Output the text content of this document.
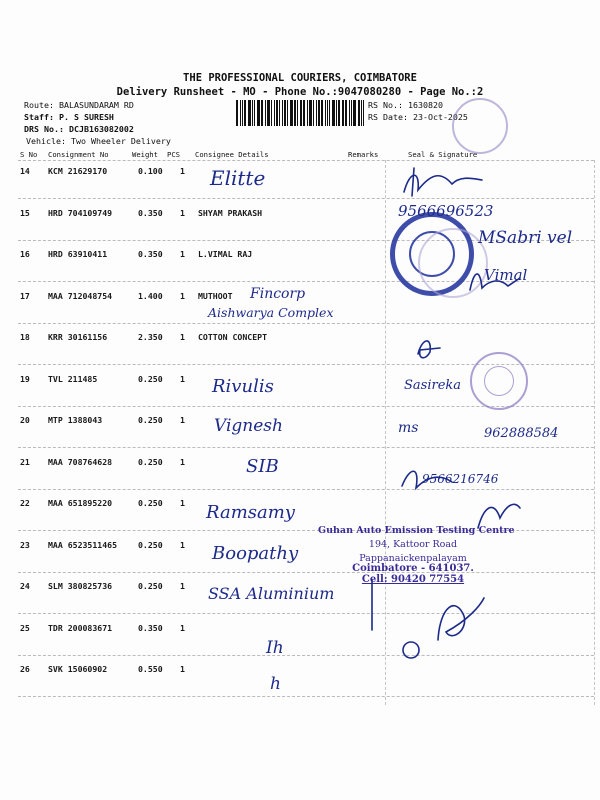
THE PROFESSIONAL COURIERS, COIMBATORE
Delivery Runsheet - MO - Phone No.:9047080280 - Page No.:2
Route: BALASUNDARAM RD
Staff: P. S SURESH
DRS No.: DCJB163082002
Vehicle: Two Wheeler Delivery
RS No.: 1630820
RS Date: 23-Oct-2025
S No Consignment No	Weight PCS Consignee Details	Remarks	Seal & Signature
14 KCM 21629170	0.100 1
15 HRD 704109749	0.350 1 SHYAM PRAKASH
16 HRD 63910411	0.350 1 L.VIMAL RAJ
17 MAA 712048754	1.400 1 MUTHOOT
18 KRR 30161156	2.350 1 COTTON CONCEPT
19 TVL 211485	0.250 1
20 MTP 1388043	0.250 1
21 MAA 708764628	0.250 1
22 MAA 651895220	0.250 1
23 MAA 6523511465	0.250 1
24 SLM 380825736	0.250 1
25 TDR 200083671	0.350 1
26 SVK 15060902	0.550 1
Guhan Auto Emission Testing Centre
194, Kattoor Road
Pappanaickenpalayam
Coimbatore - 641037.
Cell: 90420 77554
Elitte
9566696523
MSabri vel
Vimal
Fincorp
Aishwarya Complex
Rivulis	Sasireka
Vignesh	ms	962888584
SIB
9566216746
Ramsamy
Boopathy
SSA Aluminium
Ih
h
